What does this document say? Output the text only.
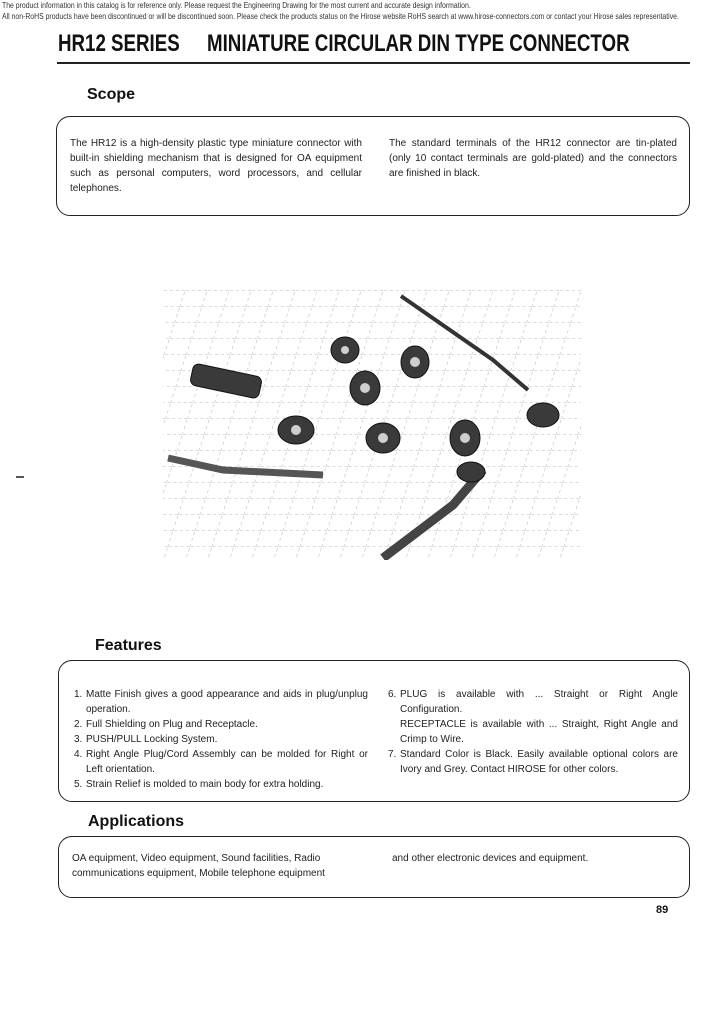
The product information in this catalog is for reference only. Please request the Engineering Drawing for the most current and accurate design information.
All non-RoHS products have been discontinued or will be discontinued soon. Please check the products status on the Hirose website RoHS search at www.hirose-connectors.com or contact your Hirose sales representative.
HR12 SERIES MINIATURE CIRCULAR DIN TYPE CONNECTOR
Scope
The HR12 is a high-density plastic type miniature connector with built-in shielding mechanism that is designed for OA equipment such as personal computers, word processors, and cellular telephones.
The standard terminals of the HR12 connector are tin-plated (only 10 contact terminals are gold-plated) and the connectors are finished in black.
Features
1. Matte Finish gives a good appearance and aids in plug/unplug operation.
2. Full Shielding on Plug and Receptacle.
3. PUSH/PULL Locking System.
4. Right Angle Plug/Cord Assembly can be molded for Right or Left orientation.
5. Strain Relief is molded to main body for extra holding.
6. PLUG is available with ... Straight or Right Angle Configuration.
RECEPTACLE is available with ... Straight, Right Angle and Crimp to Wire.
7. Standard Color is Black. Easily available optional colors are Ivory and Grey. Contact HIROSE for other colors.
Applications
OA equipment, Video equipment, Sound facilities, Radio communications equipment, Mobile telephone equipment
and other electronic devices and equipment.
89
